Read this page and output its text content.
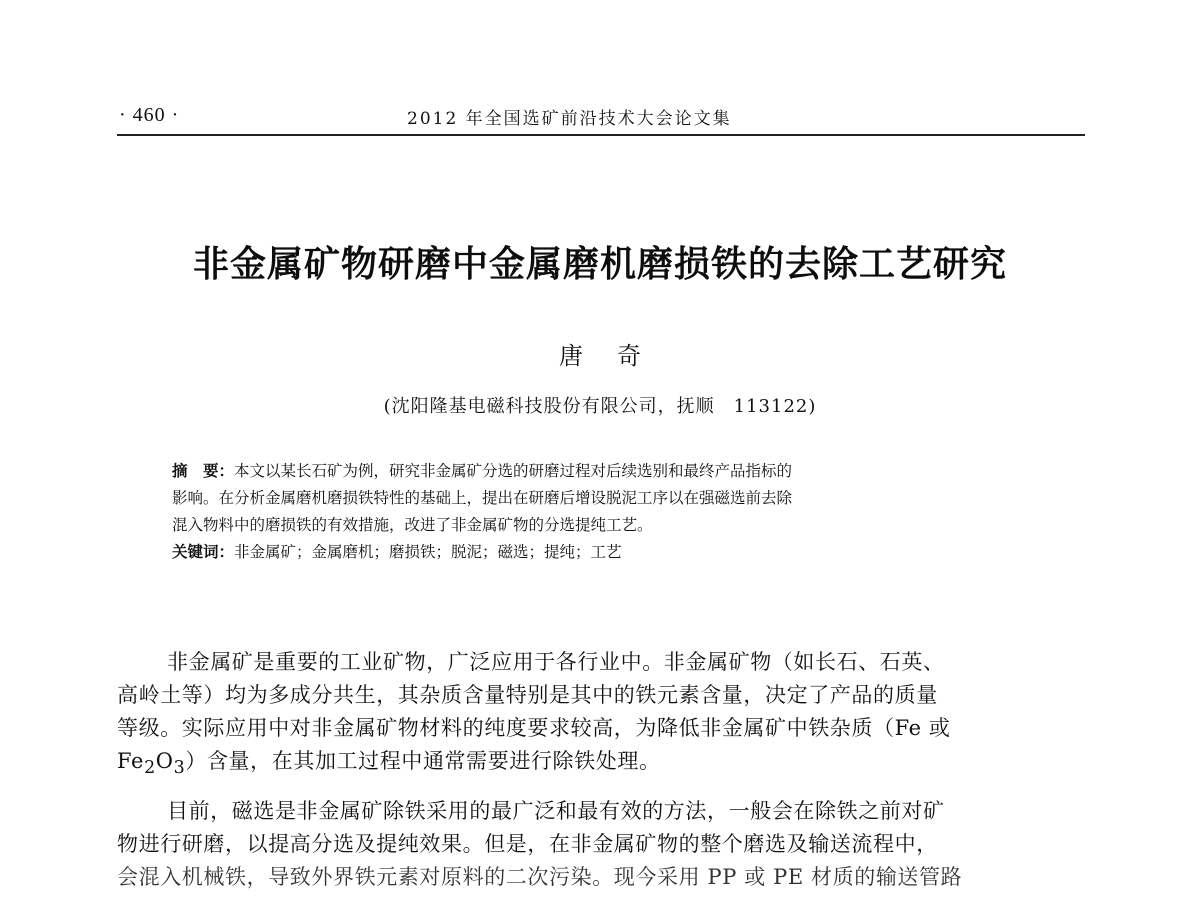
· 460 ·	2012 年全国选矿前沿技术大会论文集
非金属矿物研磨中金属磨机磨损铁的去除工艺研究
唐奇
(沈阳隆基电磁科技股份有限公司，抚顺　113122)
摘　要：本文以某长石矿为例，研究非金属矿分选的研磨过程对后续选别和最终产品指标的
影响。在分析金属磨机磨损铁特性的基础上，提出在研磨后增设脱泥工序以在强磁选前去除
混入物料中的磨损铁的有效措施，改进了非金属矿物的分选提纯工艺。
关键词：非金属矿；金属磨机；磨损铁；脱泥；磁选；提纯；工艺
非金属矿是重要的工业矿物，广泛应用于各行业中。非金属矿物（如长石、石英、
高岭土等）均为多成分共生，其杂质含量特别是其中的铁元素含量，决定了产品的质量
等级。实际应用中对非金属矿物材料的纯度要求较高，为降低非金属矿中铁杂质（Fe 或
$Fe_2O_3$）含量，在其加工过程中通常需要进行除铁处理。
目前，磁选是非金属矿除铁采用的最广泛和最有效的方法，一般会在除铁之前对矿
物进行研磨，以提高分选及提纯效果。但是，在非金属矿物的整个磨选及输送流程中，
会混入机械铁，导致外界铁元素对原料的二次污染。现今采用 PP 或 PE 材质的输送管路
